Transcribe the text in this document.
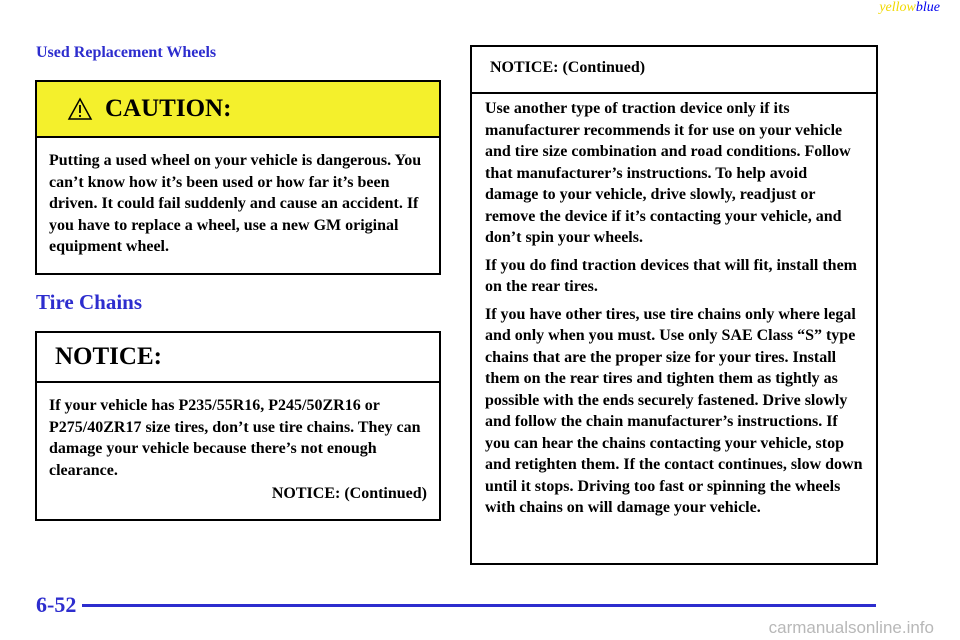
yellowblue
Used Replacement Wheels
CAUTION:

Putting a used wheel on your vehicle is dangerous. You can’t know how it’s been used or how far it’s been driven. It could fail suddenly and cause an accident. If you have to replace a wheel, use a new GM original equipment wheel.

Tire Chains
NOTICE:

If your vehicle has P235/55R16, P245/50ZR16 or P275/40ZR17 size tires, don’t use tire chains. They can damage your vehicle because there’s not enough clearance.

NOTICE: (Continued)
NOTICE: (Continued)

Use another type of traction device only if its manufacturer recommends it for use on your vehicle and tire size combination and road conditions. Follow that manufacturer’s instructions. To help avoid damage to your vehicle, drive slowly, readjust or remove the device if it’s contacting your vehicle, and don’t spin your wheels.

If you do find traction devices that will fit, install them on the rear tires.

If you have other tires, use tire chains only where legal and only when you must. Use only SAE Class “S” type chains that are the proper size for your tires. Install them on the rear tires and tighten them as tightly as possible with the ends securely fastened. Drive slowly and follow the chain manufacturer’s instructions. If you can hear the chains contacting your vehicle, stop and retighten them. If the contact continues, slow down until it stops. Driving too fast or spinning the wheels with chains on will damage your vehicle.

6-52
carmanualsonline.info
